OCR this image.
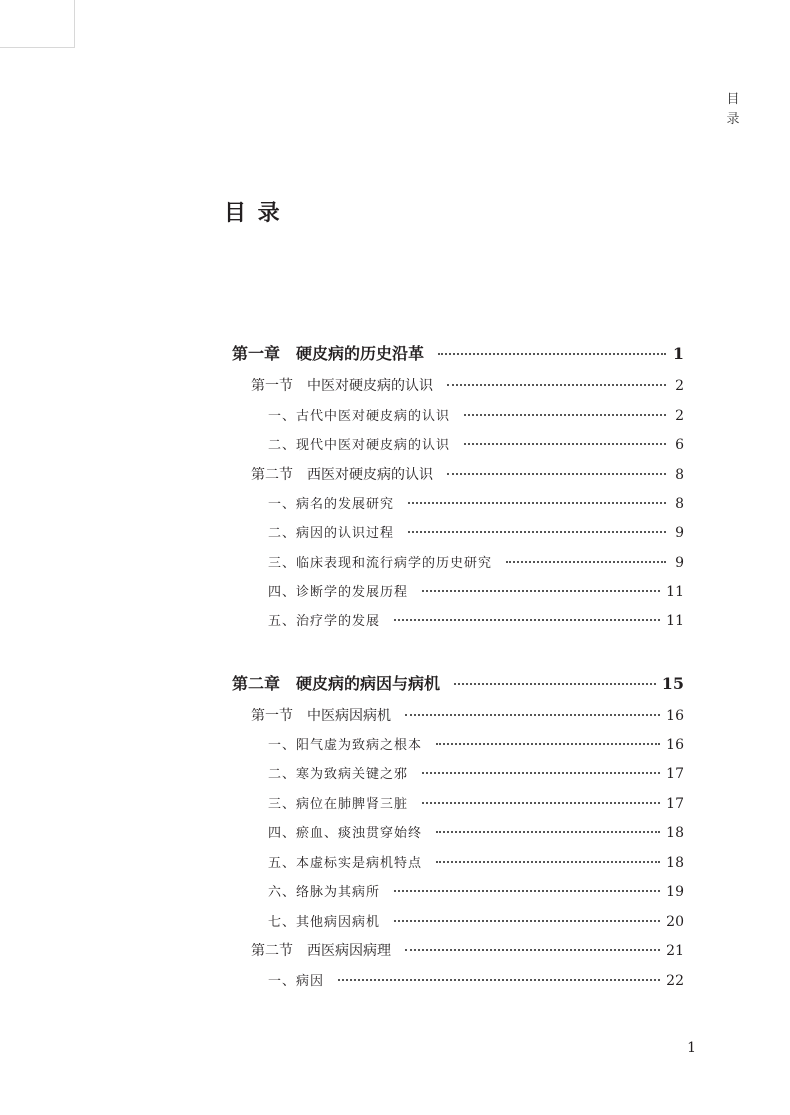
目
录
目 录
第一章　硬皮病的历史沿革	1
第一节　中医对硬皮病的认识	2
一、古代中医对硬皮病的认识	2
二、现代中医对硬皮病的认识	6
第二节　西医对硬皮病的认识	8
一、病名的发展研究	8
二、病因的认识过程	9
三、临床表现和流行病学的历史研究	9
四、诊断学的发展历程	11
五、治疗学的发展	11
第二章　硬皮病的病因与病机	15
第一节　中医病因病机	16
一、阳气虚为致病之根本	16
二、寒为致病关键之邪	17
三、病位在肺脾肾三脏	17
四、瘀血、痰浊贯穿始终	18
五、本虚标实是病机特点	18
六、络脉为其病所	19
七、其他病因病机	20
第二节　西医病因病理	21
一、病因	22
1
